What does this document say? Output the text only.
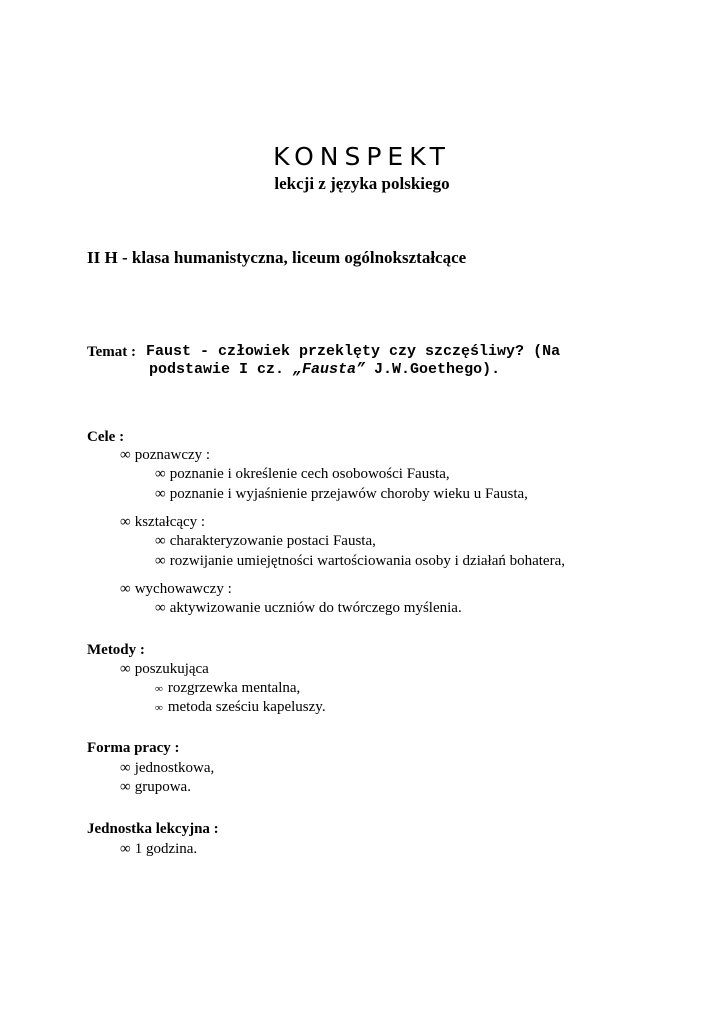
KONSPEKT
lekcji z języka polskiego
II H - klasa humanistyczna, liceum ogólnokształcące
Temat : Faust - człowiek przeklęty czy szczęśliwy? (Na
podstawie I cz. „Fausta” J.W.Goethego).
Cele :
∞ poznawczy :
∞ poznanie i określenie cech osobowości Fausta,
∞ poznanie i wyjaśnienie przejawów choroby wieku u Fausta,
∞ kształcący :
∞ charakteryzowanie postaci Fausta,
∞ rozwijanie umiejętności wartościowania osoby i działań bohatera,
∞ wychowawczy :
∞ aktywizowanie uczniów do twórczego myślenia.
Metody :
∞ poszukująca
∞ rozgrzewka mentalna,
∞ metoda sześciu kapeluszy.
Forma pracy :
∞ jednostkowa,
∞ grupowa.
Jednostka lekcyjna :
∞ 1 godzina.
